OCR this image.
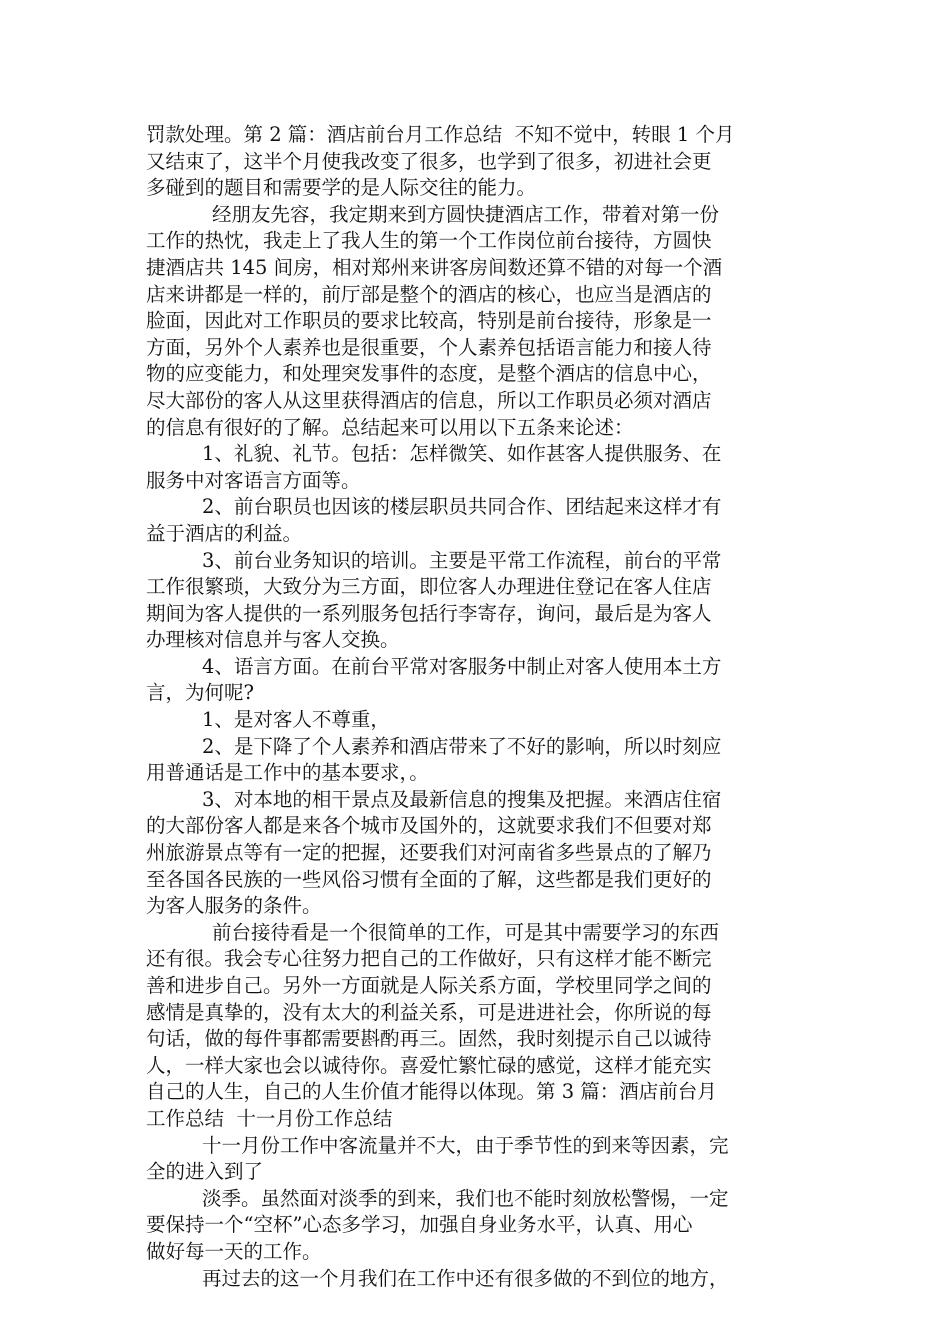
罚款处理。第 2 篇：酒店前台月工作总结  不知不觉中，转眼 1 个月
又结束了，这半个月使我改变了很多，也学到了很多，初进社会更
多碰到的题目和需要学的是人际交往的能力。
经朋友先容，我定期来到方圆快捷酒店工作，带着对第一份
工作的热忱，我走上了我人生的第一个工作岗位前台接待，方圆快
捷酒店共 145 间房，相对郑州来讲客房间数还算不错的对每一个酒
店来讲都是一样的，前厅部是整个的酒店的核心，也应当是酒店的
脸面，因此对工作职员的要求比较高，特别是前台接待，形象是一
方面，另外个人素养也是很重要，个人素养包括语言能力和接人待
物的应变能力，和处理突发事件的态度，是整个酒店的信息中心，
尽大部份的客人从这里获得酒店的信息，所以工作职员必须对酒店
的信息有很好的了解。总结起来可以用以下五条来论述：
1、礼貌、礼节。包括：怎样微笑、如作甚客人提供服务、在
服务中对客语言方面等。
2、前台职员也因该的楼层职员共同合作、团结起来这样才有
益于酒店的利益。
3、前台业务知识的培训。主要是平常工作流程，前台的平常
工作很繁琐，大致分为三方面，即位客人办理进住登记在客人住店
期间为客人提供的一系列服务包括行李寄存，询问，最后是为客人
办理核对信息并与客人交换。
4、语言方面。在前台平常对客服务中制止对客人使用本土方
言，为何呢?
1、是对客人不尊重，
2、是下降了个人素养和酒店带来了不好的影响，所以时刻应
用普通话是工作中的基本要求，。
3、对本地的相干景点及最新信息的搜集及把握。来酒店住宿
的大部份客人都是来各个城市及国外的，这就要求我们不但要对郑
州旅游景点等有一定的把握，还要我们对河南省多些景点的了解乃
至各国各民族的一些风俗习惯有全面的了解，这些都是我们更好的
为客人服务的条件。
前台接待看是一个很简单的工作，可是其中需要学习的东西
还有很。我会专心往努力把自己的工作做好，只有这样才能不断完
善和进步自己。另外一方面就是人际关系方面，学校里同学之间的
感情是真挚的，没有太大的利益关系，可是进进社会，你所说的每
句话，做的每件事都需要斟酌再三。固然，我时刻提示自己以诚待
人，一样大家也会以诚待你。喜爱忙繁忙碌的感觉，这样才能充实
自己的人生，自己的人生价值才能得以体现。第 3 篇：酒店前台月
工作总结  十一月份工作总结
十一月份工作中客流量并不大，由于季节性的到来等因素，完
全的进入到了
淡季。虽然面对淡季的到来，我们也不能时刻放松警惕，一定
要保持一个“空杯”心态多学习，加强自身业务水平，认真、用心
做好每一天的工作。
再过去的这一个月我们在工作中还有很多做的不到位的地方，
